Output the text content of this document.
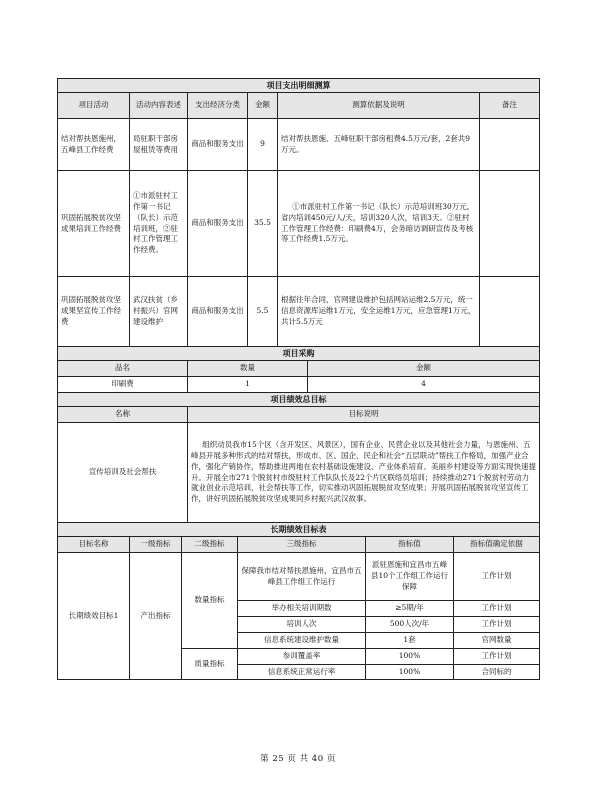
项目支出明细测算					
项目活动	活动内容表述	支出经济分类	金额	测算依据及说明	备注
结对帮扶恩施州，五峰县工作经费	局驻职干部房屋租赁等费用	商品和服务支出	9	结对帮扶恩施、五峰驻职干部房租费4.5万元/套，2套共9万元。	
巩固拓展脱贫攻坚成果培训工作经费	①市派驻村工作第一书记（队长）示范培训班，②驻村工作管理工作经费。	商品和服务支出	35.5	①市派驻村工作第一书记（队长）示范培训班30万元，省内培训450元/人/天，培训320人次，培训3天。②驻村工作管理工作经费：印刷费4万，会务暗访调研宣传及考核等工作经费1.5万元。	
巩固拓展脱贫攻坚成果坚宣传工作经费	武汉扶贫（乡村振兴）官网建设维护	商品和服务支出	5.5	根据往年合同，官网建设维护包括网站运维2.5万元，统一信息资源库运维1万元，安全运维1万元，应急管理1万元，共计5.5万元	
项目采购		
品名	数量	金额
印刷费	1	4
项目绩效总目标	
名称	目标说明
宣传培训及社会帮扶	组织动员我市15个区（含开发区、风景区），国有企业、民营企业以及其他社会力量，与恩施州、五峰县开展多种形式的结对帮扶，形成市、区、国企、民企和社会“五层联动”帮扶工作格局，加强产业合作，强化产销协作，帮助推进两地在农村基础设施建设、产业体系培育、美丽乡村建设等方面实现快速提升。开展全市271个脱贫村市级驻村工作队队长及22个片区联络员培训；持续推动271个脱贫村劳动力就业创业示范培训，社会帮扶等工作，切实推动巩固拓展脱贫攻坚成果；开展巩固拓展脱贫攻坚宣传工作，讲好巩固拓展脱贫攻坚成果同乡村振兴武汉故事。
长期绩效目标表					
目标名称	一级指标	二级指标	三级指标	指标值	指标值确定依据
长期绩效目标1	产出指标	数量指标	保障我市结对帮扶恩施州，宜昌市五峰县工作组工作运行	派驻恩施和宜昌市五峰县10个工作组工作运行保障	工作计划
			举办相关培训期数	≥5期/年	工作计划
			培训人次	500人次/年	工作计划
			信息系统建设维护数量	1套	官网数量
		质量指标	参训覆盖率	100%	工作计划
			信息系统正常运行率	100%	合同标的
第 25 页 共 40 页
